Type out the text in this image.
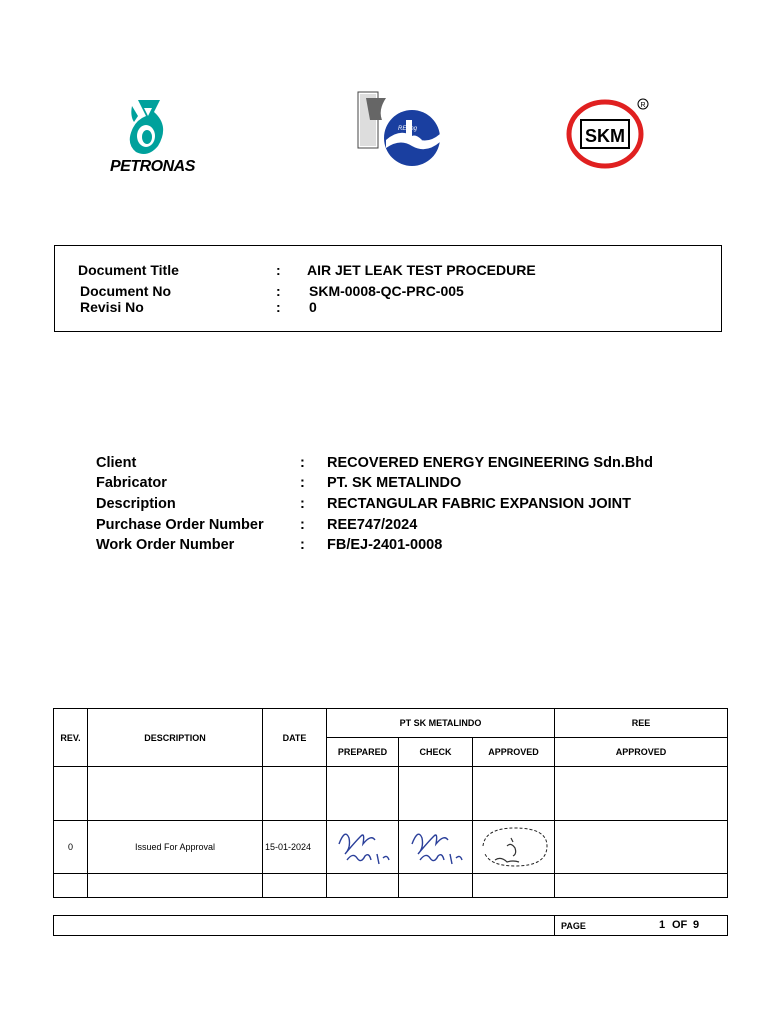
PETRONAS
REEng	SKM
R
Document Title	: AIR JET LEAK TEST PROCEDURE
Document No	: SKM-0008-QC-PRC-005
Revisi No	: 0
Client	: RECOVERED ENERGY ENGINEERING Sdn.Bhd
Fabricator	: PT. SK METALINDO
Description	: RECTANGULAR FABRIC EXPANSION JOINT
Purchase Order Number	: REE747/2024
Work Order Number	: FB/EJ-2401-0008
REV.	DESCRIPTION	DATE	PT SK METALINDO			REE
			PREPARED	CHECK	APPROVED	APPROVED

0	Issued For Approval	15-01-2024				

PAGE	1 OF 9
